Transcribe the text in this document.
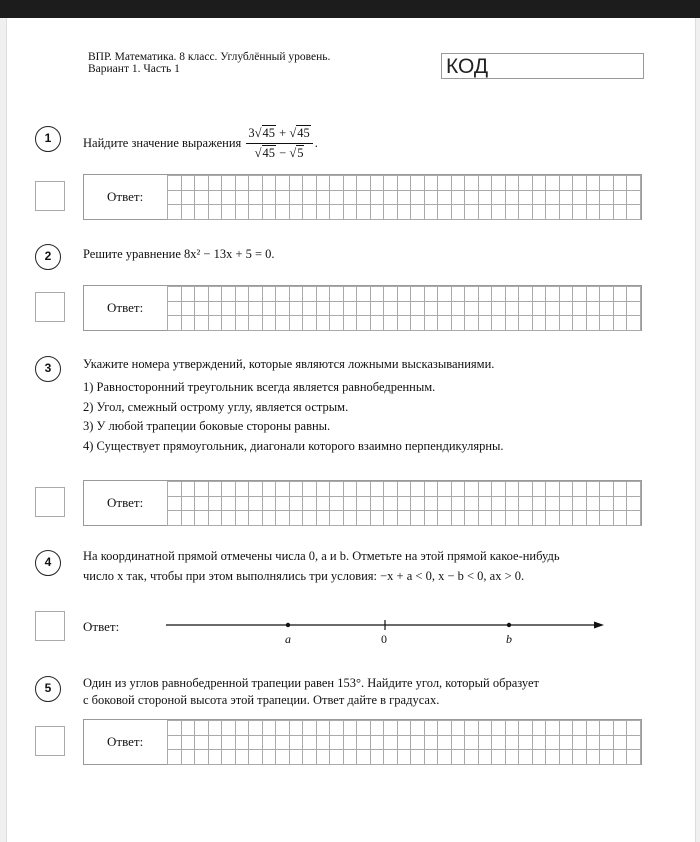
ВПР. Математика. 8 класс. Углублённый уровень.
Вариант 1. Часть 1	КОД
1	Найдите значение выражения $\frac{3√45 + √45}{√45 - √5}$ .
Ответ:

2	Решите уравнение 8x² − 13x + 5 = 0.
Ответ:

3	Укажите номера утверждений, которые являются ложными высказываниями.
1) Равносторонний треугольник всегда является равнобедренным.
2) Угол, смежный острому углу, является острым.
3) У любой трапеции боковые стороны равны.
4) Существует прямоугольник, диагонали которого взаимно перпендикулярны.
Ответ:

4	На координатной прямой отмечены числа 0, a и b. Отметьте на этой прямой какое-нибудь
число x так, чтобы при этом выполнялись три условия: −x + a < 0, x − b < 0, ax > 0.
Ответ:
a	0	b
5	Один из углов равнобедренной трапеции равен 153°. Найдите угол, который образует
с боковой стороной высота этой трапеции. Ответ дайте в градусах.
Ответ:
